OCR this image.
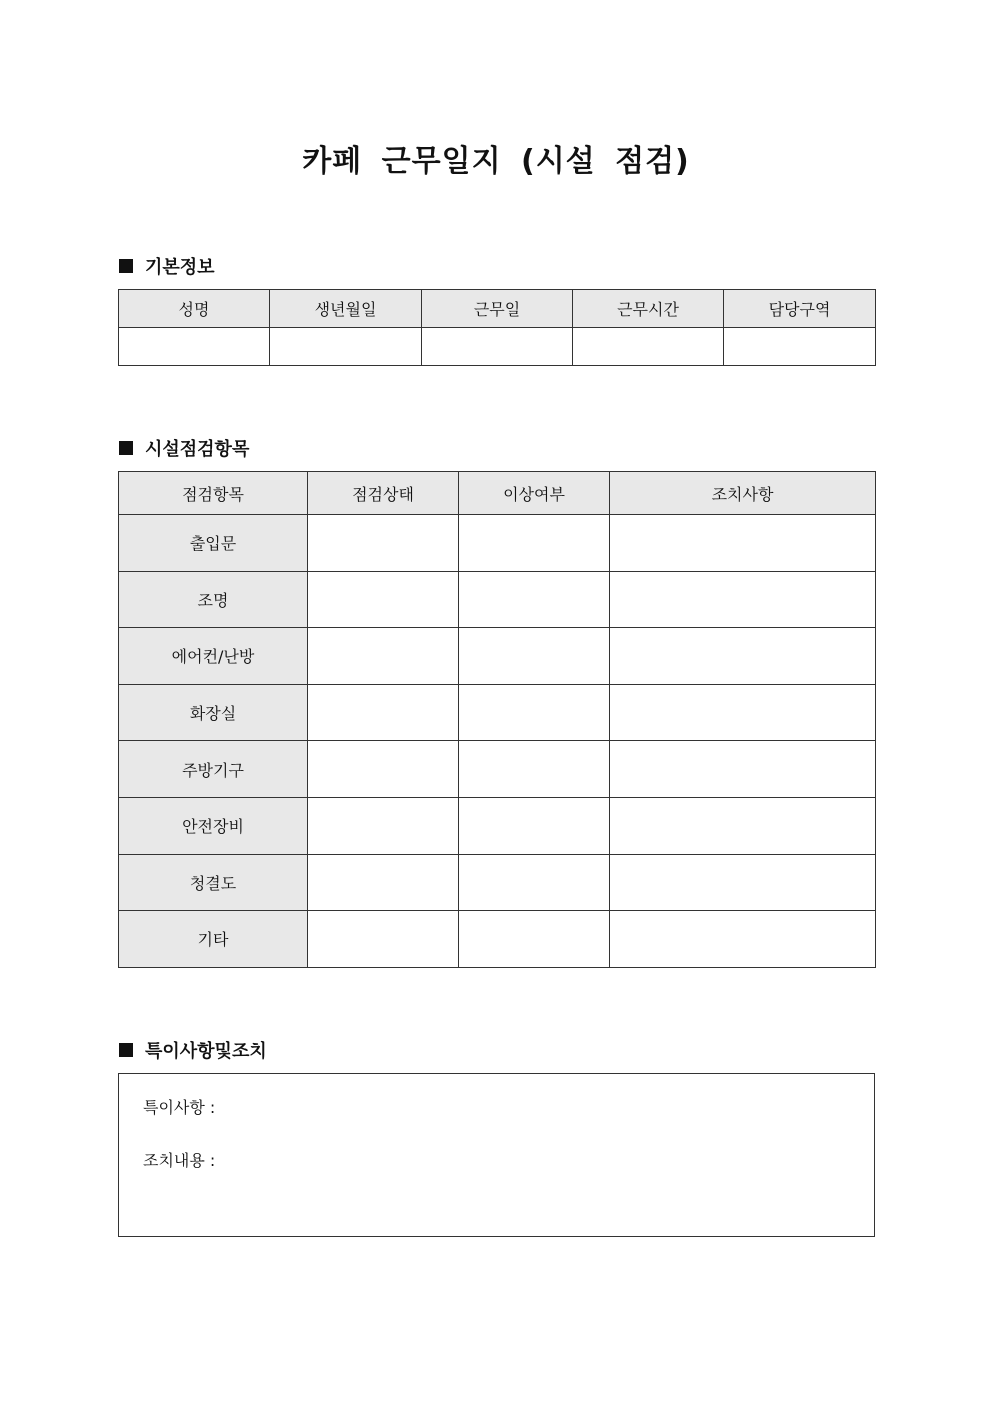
카페 근무일지 (시설 점검)
기본정보
성명	생년월일	근무일	근무시간	담당구역

시설점검항목
점검항목	점검상태	이상여부	조치사항
출입문			
조명			
에어컨/난방			
화장실			
주방기구			
안전장비			
청결도			
기타			
특이사항및조치
특이사항 :
조치내용 :
